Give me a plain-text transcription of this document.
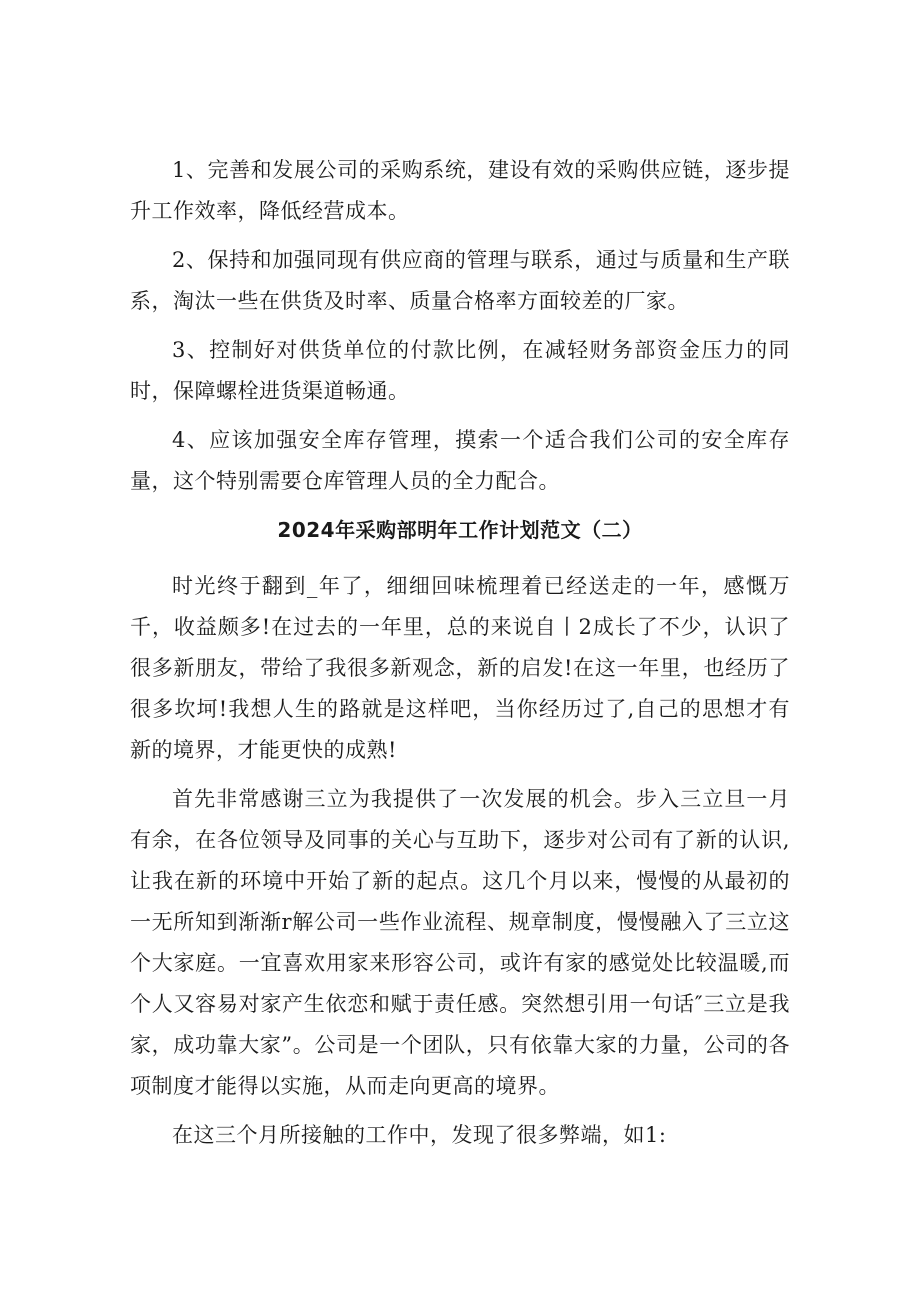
1、完善和发展公司的采购系统，建设有效的采购供应链，逐步提升工作效率，降低经营成本。

2、保持和加强同现有供应商的管理与联系，通过与质量和生产联系，淘汰一些在供货及时率、质量合格率方面较差的厂家。

3、控制好对供货单位的付款比例，在减轻财务部资金压力的同时，保障螺栓进货渠道畅通。

4、应该加强安全库存管理，摸索一个适合我们公司的安全库存量，这个特别需要仓库管理人员的全力配合。

2024年采购部明年工作计划范文（二）

时光终于翻到_年了，细细回味梳理着已经送走的一年，感慨万千，收益颇多!在过去的一年里，总的来说自丨2成长了不少，认识了很多新朋友，带给了我很多新观念，新的启发!在这一年里，也经历了很多坎坷!我想人生的路就是这样吧，当你经历过了,自己的思想才有新的境界，才能更快的成熟!

首先非常感谢三立为我提供了一次发展的机会。步入三立旦一月有余，在各位领导及同事的关心与互助下，逐步对公司有了新的认识,让我在新的环境中开始了新的起点。这几个月以来，慢慢的从最初的一无所知到渐渐r解公司一些作业流程、规章制度，慢慢融入了三立这个大家庭。一宜喜欢用家来形容公司，或许有家的感觉处比较温暖,而个人又容易对家产生依恋和赋于责任感。突然想引用一句话″三立是我家，成功靠大家”。公司是一个团队，只有依靠大家的力量，公司的各项制度才能得以实施，从而走向更高的境界。

在这三个月所接触的工作中，发现了很多弊端，如1:
